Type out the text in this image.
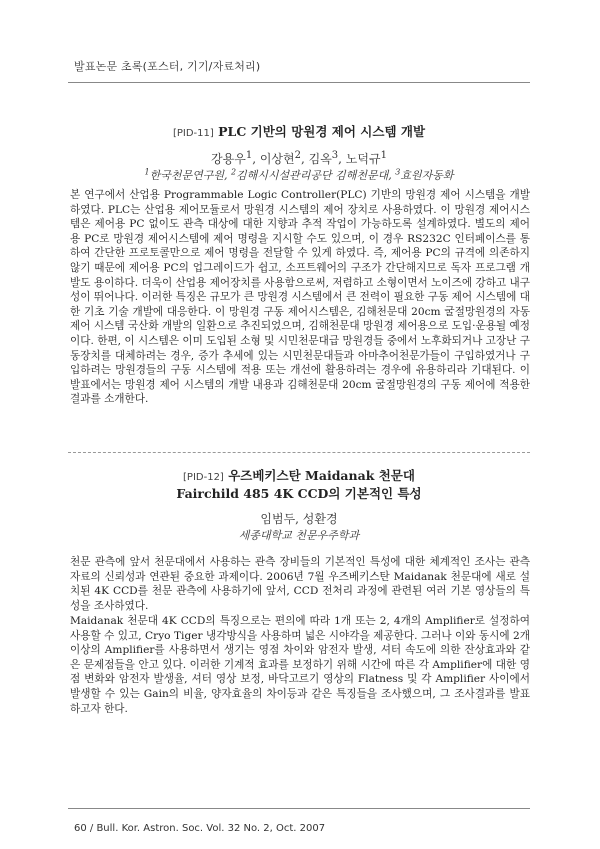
발표논문 초록(포스터, 기기/자료처리)
[PID-11] PLC 기반의 망원경 제어 시스템 개발
강용우$^1$, 이상현$^2$, 김옥$^3$, 노덕규$^1$
$^1$한국천문연구원, $^2$김해시시설관리공단 김해천문대, $^3$효원자동화

본 연구에서 산업용 Programmable Logic Controller(PLC) 기반의 망원경 제어 시스템을 개발하였다. PLC는 산업용 제어모듈로서 망원경 시스템의 제어 장치로 사용하였다. 이 망원경 제어시스템은 제어용 PC 없이도 관측 대상에 대한 지향과 추적 작업이 가능하도록 설계하였다. 별도의 제어용 PC로 망원경 제어시스템에 제어 명령을 지시할 수도 있으며, 이 경우 RS232C 인터페이스를 통하여 간단한 프로토콜만으로 제어 명령을 전달할 수 있게 하였다. 즉, 제어용 PC의 규격에 의존하지 않기 때문에 제어용 PC의 업그레이드가 쉽고, 소프트웨어의 구조가 간단해지므로 독자 프로그램 개발도 용이하다. 더욱이 산업용 제어장치를 사용함으로써, 저렴하고 소형이면서 노이즈에 강하고 내구성이 뛰어나다. 이러한 특징은 규모가 큰 망원경 시스템에서 큰 전력이 필요한 구동 제어 시스템에 대한 기초 기술 개발에 대응한다. 이 망원경 구동 제어시스템은, 김해천문대 20cm 굴절망원경의 자동제어 시스템 국산화 개발의 일환으로 추진되었으며, 김해천문대 망원경 제어용으로 도입·운용될 예정이다. 한편, 이 시스템은 이미 도입된 소형 및 시민천문대급 망원경들 중에서 노후화되거나 고장난 구동장치를 대체하려는 경우, 증가 추세에 있는 시민천문대들과 아마추어천문가들이 구입하였거나 구입하려는 망원경들의 구동 시스템에 적용 또는 개선에 활용하려는 경우에 유용하리라 기대된다. 이 발표에서는 망원경 제어 시스템의 개발 내용과 김해천문대 20cm 굴절망원경의 구동 제어에 적용한 결과를 소개한다.

[PID-12] 우즈베키스탄 Maidanak 천문대
Fairchild 485 4K CCD의 기본적인 특성
임범두, 성환경
세종대학교 천문우주학과

천문 관측에 앞서 천문대에서 사용하는 관측 장비들의 기본적인 특성에 대한 체계적인 조사는 관측 자료의 신뢰성과 연관된 중요한 과제이다. 2006년 7월 우즈베키스탄 Maidanak 천문대에 새로 설치된 4K CCD를 천문 관측에 사용하기에 앞서, CCD 전처리 과정에 관련된 여러 기본 영상들의 특성을 조사하였다.

Maidanak 천문대 4K CCD의 특징으로는 편의에 따라 1개 또는 2, 4개의 Amplifier로 설정하여 사용할 수 있고, Cryo Tiger 냉각방식을 사용하며 넓은 시야각을 제공한다. 그러나 이와 동시에 2개 이상의 Amplifier를 사용하면서 생기는 영점 차이와 암전자 발생, 셔터 속도에 의한 잔상효과와 같은 문제점들을 안고 있다. 이러한 기계적 효과를 보정하기 위해 시간에 따른 각 Amplifier에 대한 영점 변화와 암전자 발생율, 셔터 영상 보정, 바닥고르기 영상의 Flatness 및 각 Amplifier 사이에서 발생할 수 있는 Gain의 비율, 양자효율의 차이등과 같은 특징들을 조사했으며, 그 조사결과를 발표하고자 한다.

60 / Bull. Kor. Astron. Soc. Vol. 32 No. 2, Oct. 2007
